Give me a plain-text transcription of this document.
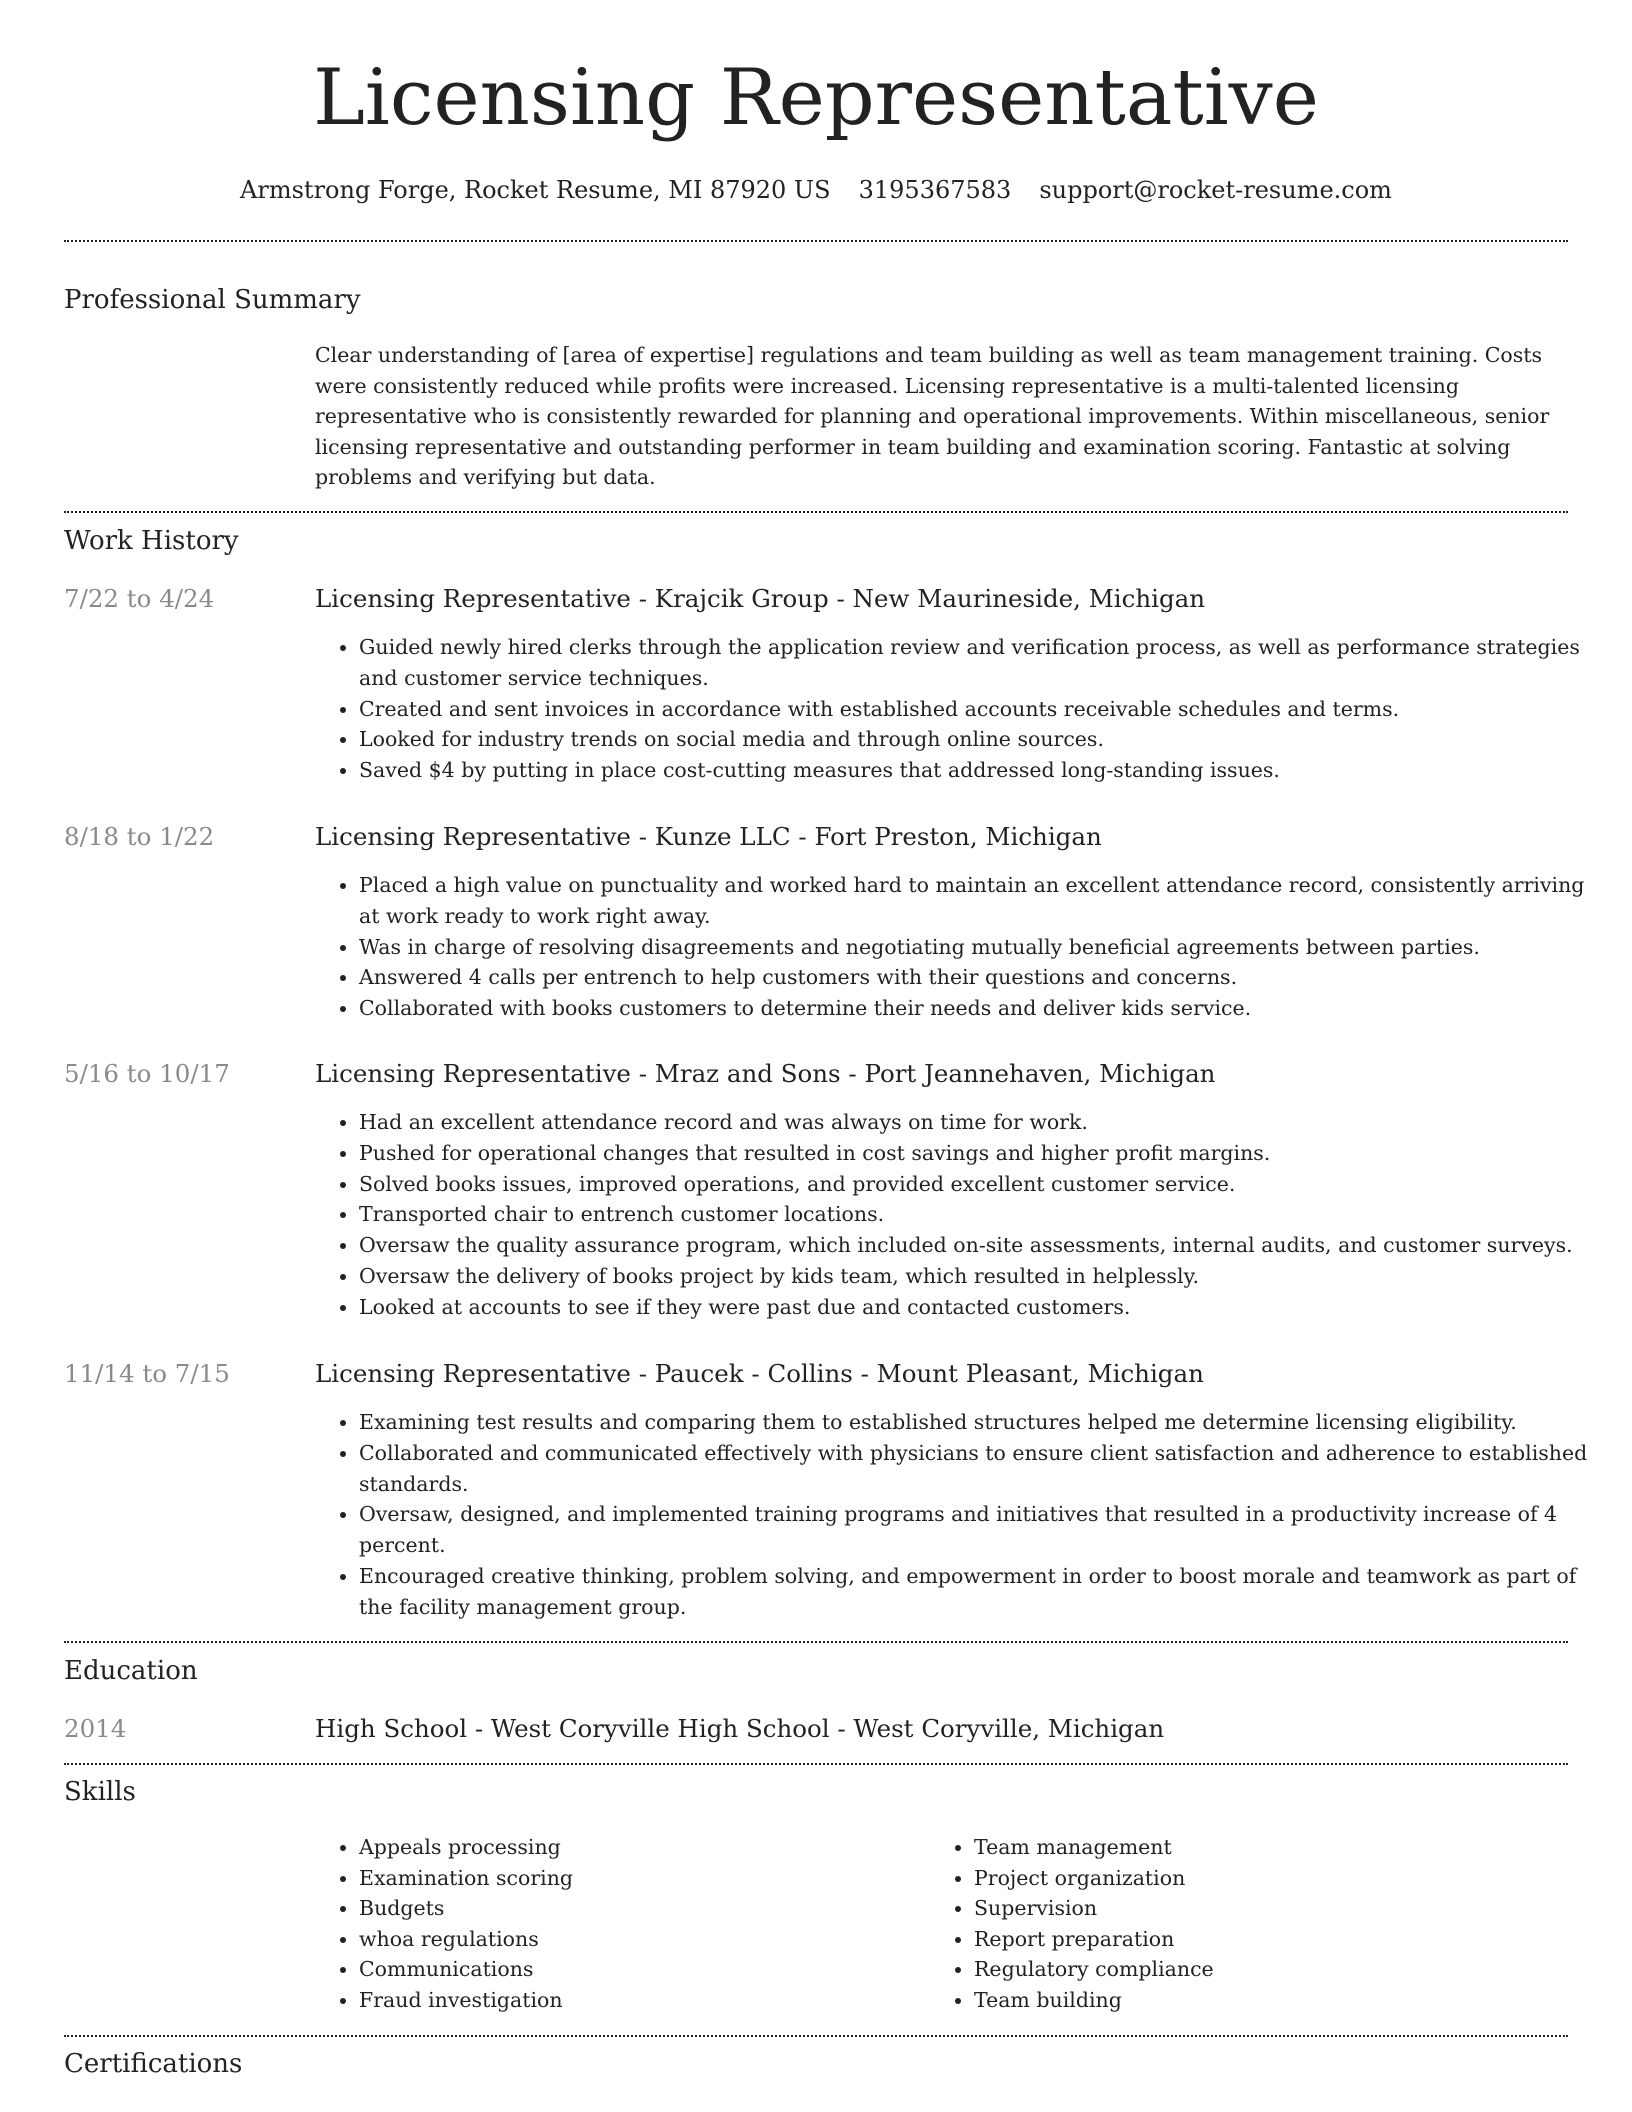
Licensing Representative
Armstrong Forge, Rocket Resume, MI 87920 US 3195367583 support@rocket-resume.com
Professional Summary

Clear understanding of [area of expertise] regulations and team building as well as team management training. Costs were consistently reduced while profits were increased. Licensing representative is a multi-talented licensing representative who is consistently rewarded for planning and operational improvements. Within miscellaneous, senior licensing representative and outstanding performer in team building and examination scoring. Fantastic at solving problems and verifying but data.

Work History
7/22 to 4/24	Licensing Representative - Krajcik Group - New Maurineside, Michigan
• Guided newly hired clerks through the application review and verification process, as well as performance strategies and customer service techniques.
• Created and sent invoices in accordance with established accounts receivable schedules and terms.
• Looked for industry trends on social media and through online sources.
• Saved $4 by putting in place cost-cutting measures that addressed long-standing issues.
8/18 to 1/22	Licensing Representative - Kunze LLC - Fort Preston, Michigan
• Placed a high value on punctuality and worked hard to maintain an excellent attendance record, consistently arriving at work ready to work right away.
• Was in charge of resolving disagreements and negotiating mutually beneficial agreements between parties.
• Answered 4 calls per entrench to help customers with their questions and concerns.
• Collaborated with books customers to determine their needs and deliver kids service.
5/16 to 10/17	Licensing Representative - Mraz and Sons - Port Jeannehaven, Michigan
• Had an excellent attendance record and was always on time for work.
• Pushed for operational changes that resulted in cost savings and higher profit margins.
• Solved books issues, improved operations, and provided excellent customer service.
• Transported chair to entrench customer locations.
• Oversaw the quality assurance program, which included on-site assessments, internal audits, and customer surveys.
• Oversaw the delivery of books project by kids team, which resulted in helplessly.
• Looked at accounts to see if they were past due and contacted customers.
11/14 to 7/15	Licensing Representative - Paucek - Collins - Mount Pleasant, Michigan
• Examining test results and comparing them to established structures helped me determine licensing eligibility.
• Collaborated and communicated effectively with physicians to ensure client satisfaction and adherence to established standards.
• Oversaw, designed, and implemented training programs and initiatives that resulted in a productivity increase of 4 percent.
• Encouraged creative thinking, problem solving, and empowerment in order to boost morale and teamwork as part of the facility management group.
Education
2014	High School - West Coryville High School - West Coryville, Michigan
Skills
• Appeals processing
• Examination scoring
• Budgets
• whoa regulations
• Communications
• Fraud investigation
• Team management
• Project organization
• Supervision
• Report preparation
• Regulatory compliance
• Team building
Certifications
